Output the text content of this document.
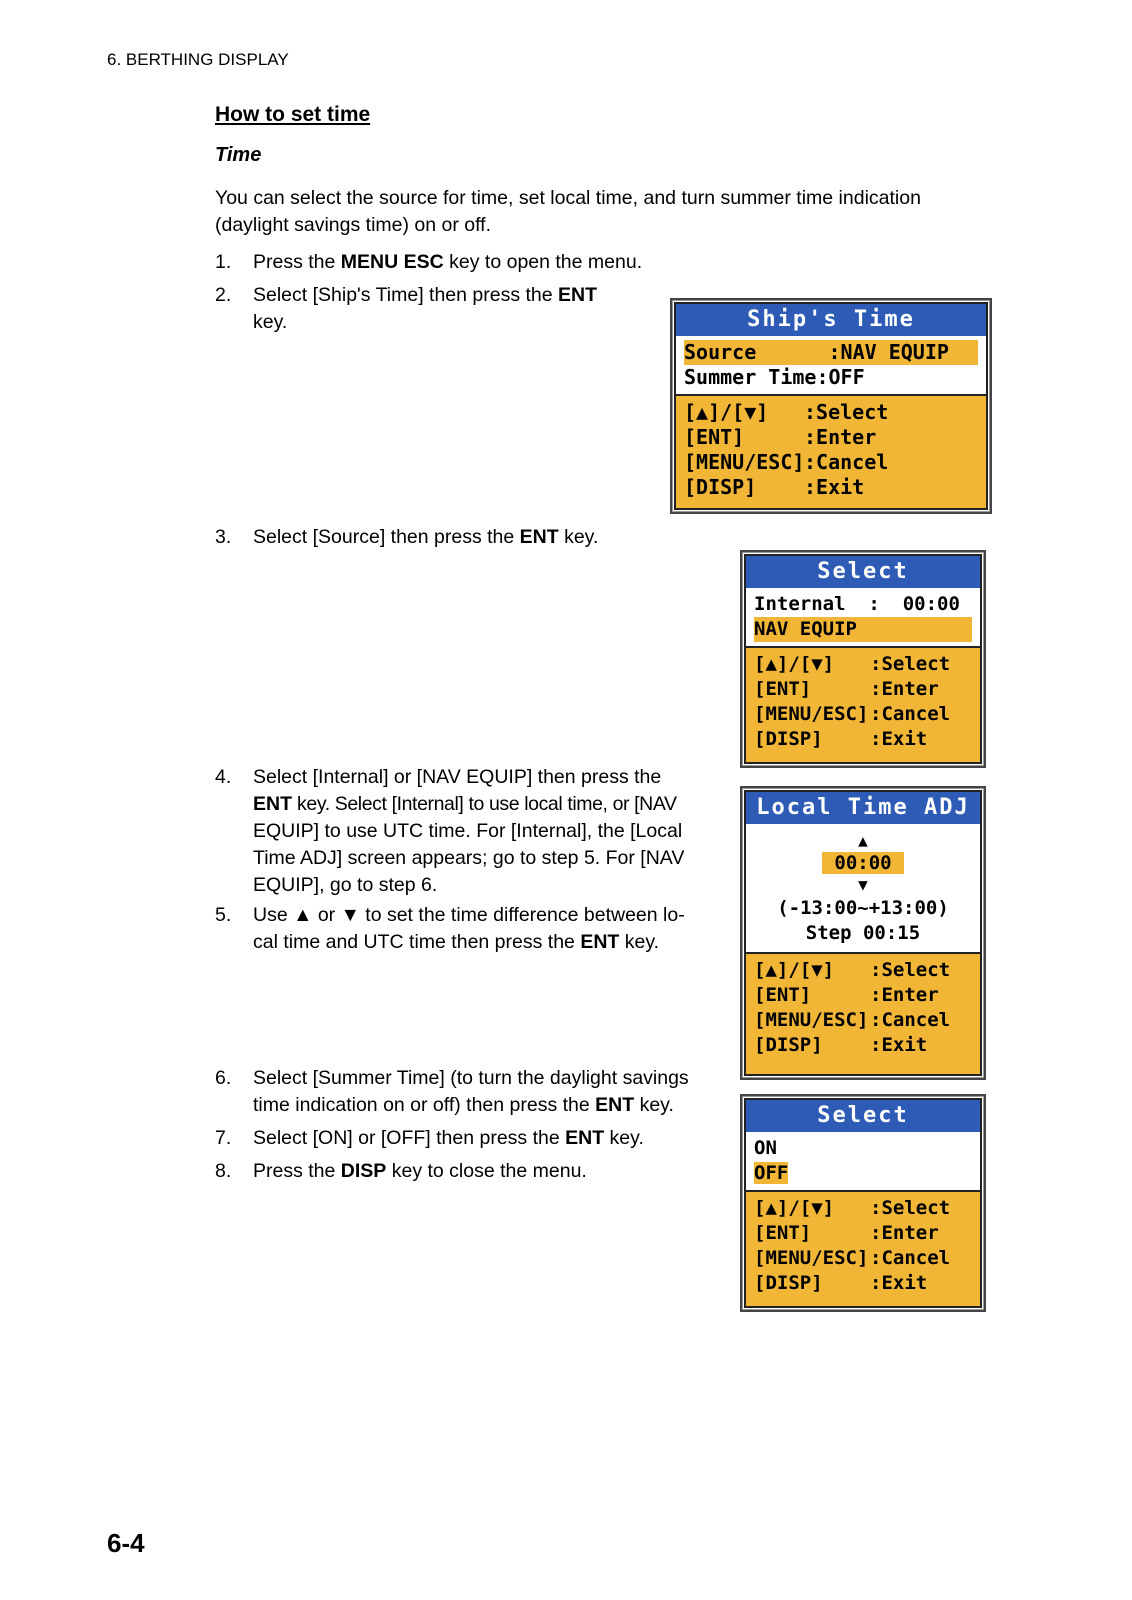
6. BERTHING DISPLAY
How to set time
Time
You can select the source for time, set local time, and turn summer time indication (daylight savings time) on or off.
1. Press the MENU ESC key to open the menu.
2. Select [Ship's Time] then press the ENT
key.
3. Select [Source] then press the ENT key.
4. Select [Internal] or [NAV EQUIP] then press the
ENT key. Select [Internal] to use local time, or [NAV
EQUIP] to use UTC time. For [Internal], the [Local
Time ADJ] screen appears; go to step 5. For [NAV
EQUIP], go to step 6.
5. Use ▲ or ▼ to set the time difference between lo-
cal time and UTC time then press the ENT key.
6. Select [Summer Time] (to turn the daylight savings
time indication on or off) then press the ENT key.
7. Select [ON] or [OFF] then press the ENT key.
8. Press the DISP key to close the menu.
Ship's Time
Source      :NAV EQUIP
Summer Time:OFF
[▲]/[▼]	:Select
[ENT]	:Enter
[MENU/ESC] :Cancel
[DISP]	:Exit
Select
Internal  :  00:00
NAV EQUIP
[▲]/[▼]	:Select
[ENT]	:Enter
[MENU/ESC] :Cancel
[DISP]	:Exit
Local Time ADJ
▲
00:00
▼
(-13:00~+13:00)
Step 00:15
[▲]/[▼]	:Select
[ENT]	:Enter
[MENU/ESC] :Cancel
[DISP]	:Exit
Select
ON
OFF
[▲]/[▼]	:Select
[ENT]	:Enter
[MENU/ESC] :Cancel
[DISP]	:Exit
6-4
